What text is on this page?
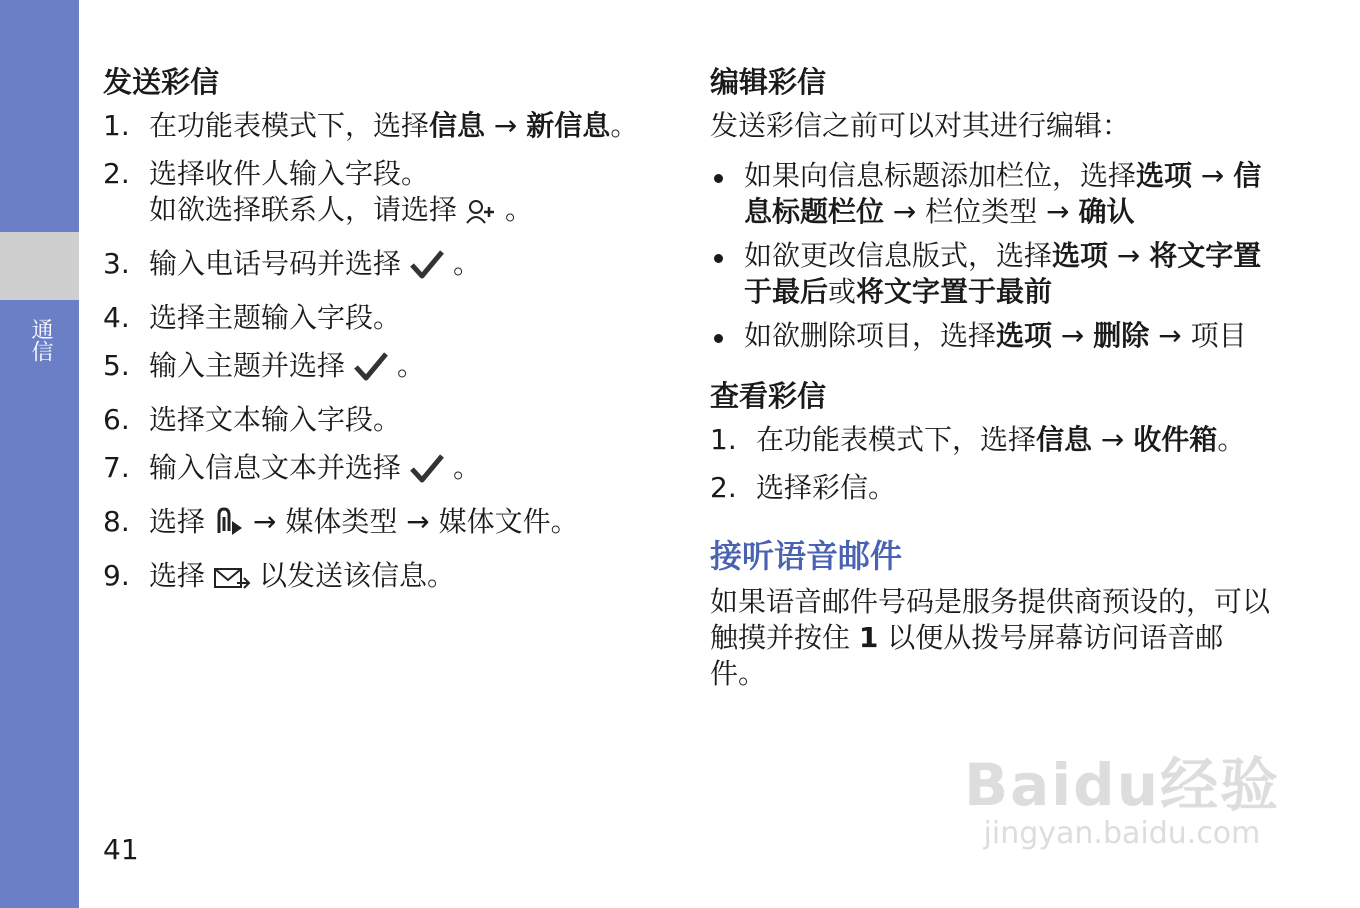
通信
发送彩信
1. 在功能表模式下，选择信息 → 新信息。
2. 选择收件人输入字段。
如欲选择联系人，请选择 。
3. 输入电话号码并选择 。
4. 选择主题输入字段。
5. 输入主题并选择 。
6. 选择文本输入字段。
7. 输入信息文本并选择 。
8. 选择 → 媒体类型 → 媒体文件。
9. 选择 以发送该信息。
编辑彩信
发送彩信之前可以对其进行编辑：
如果向信息标题添加栏位，选择选项 → 信息标题栏位 → 栏位类型 → 确认
如欲更改信息版式，选择选项 → 将文字置于最后或将文字置于最前
如欲删除项目，选择选项 → 删除 → 项目
查看彩信
1. 在功能表模式下，选择信息 → 收件箱。
2. 选择彩信。
接听语音邮件
如果语音邮件号码是服务提供商预设的，可以触摸并按住 1 以便从拨号屏幕访问语音邮件。
41
Baidu经验
jingyan.baidu.com
